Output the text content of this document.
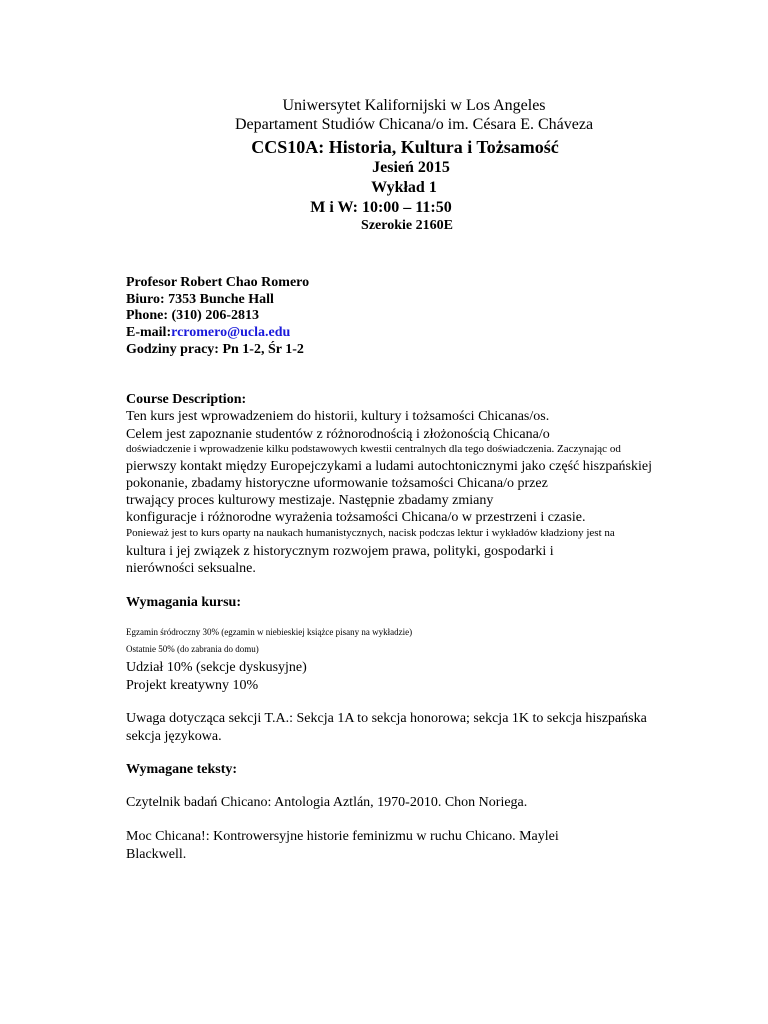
Uniwersytet Kalifornijski w Los Angeles
Departament Studiów Chicana/o im. Césara E. Cháveza
CCS10A: Historia, Kultura i Tożsamość
Jesień 2015
Wykład 1
M i W: 10:00 – 11:50
Szerokie 2160E
Profesor Robert Chao Romero
Biuro: 7353 Bunche Hall
Phone: (310) 206-2813
E-mail:rcromero@ucla.edu
Godziny pracy: Pn 1-2, Śr 1-2
Course Description:
Ten kurs jest wprowadzeniem do historii, kultury i tożsamości Chicanas/os.
Celem jest zapoznanie studentów z różnorodnością i złożonością Chicana/o
doświadczenie i wprowadzenie kilku podstawowych kwestii centralnych dla tego doświadczenia. Zaczynając od
pierwszy kontakt między Europejczykami a ludami autochtonicznymi jako część hiszpańskiej
pokonanie, zbadamy historyczne uformowanie tożsamości Chicana/o przez
trwający proces kulturowy mestizaje. Następnie zbadamy zmiany
konfiguracje i różnorodne wyrażenia tożsamości Chicana/o w przestrzeni i czasie.
Ponieważ jest to kurs oparty na naukach humanistycznych, nacisk podczas lektur i wykładów kładziony jest na
kultura i jej związek z historycznym rozwojem prawa, polityki, gospodarki i
nierówności seksualne.
Wymagania kursu:
Egzamin śródroczny 30% (egzamin w niebieskiej książce pisany na wykładzie)
Ostatnie 50% (do zabrania do domu)
Udział 10% (sekcje dyskusyjne)
Projekt kreatywny 10%
Uwaga dotycząca sekcji T.A.: Sekcja 1A to sekcja honorowa; sekcja 1K to sekcja hiszpańska
sekcja językowa.
Wymagane teksty:
Czytelnik badań Chicano: Antologia Aztlán, 1970-2010. Chon Noriega.
Moc Chicana!: Kontrowersyjne historie feminizmu w ruchu Chicano. Maylei
Blackwell.
